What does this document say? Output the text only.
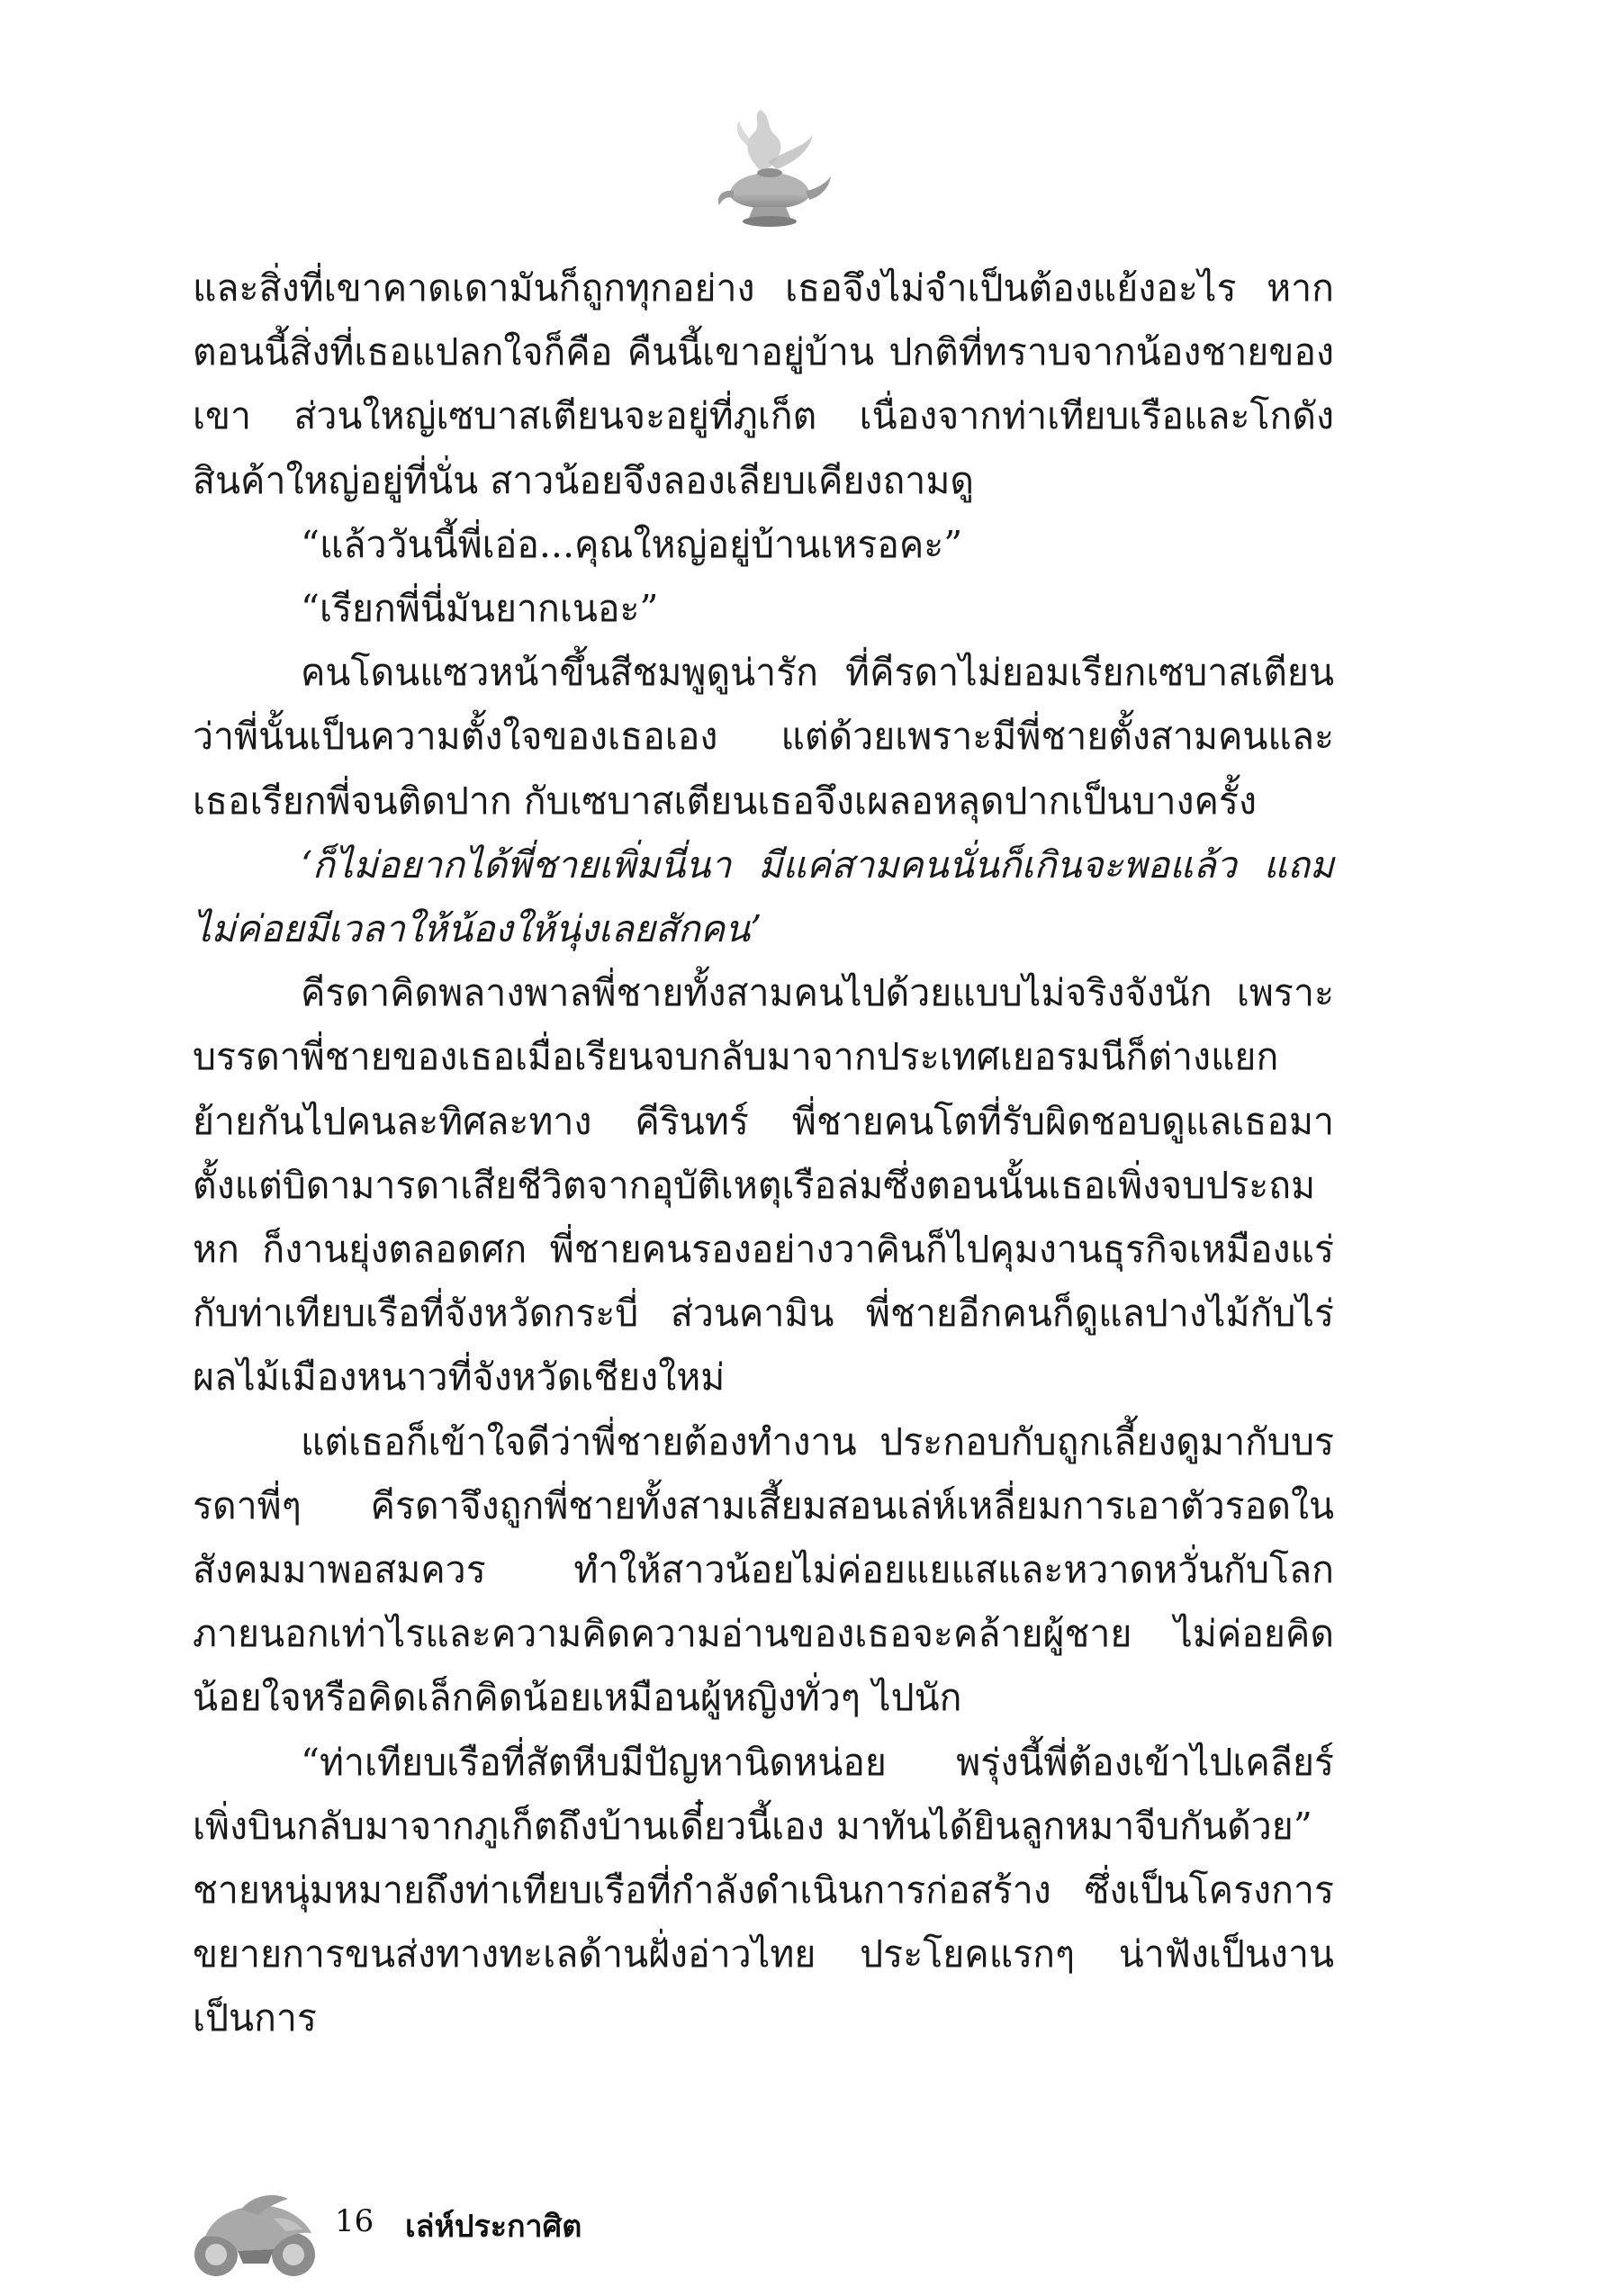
และสิ่งที่เขาคาดเดามันก็ถูกทุกอย่าง เธอจึงไม่จำเป็นต้องแย้งอะไร หากตอนนี้สิ่งที่เธอแปลกใจก็คือ คืนนี้เขาอยู่บ้าน ปกติที่ทราบจากน้องชายของเขา ส่วนใหญ่เซบาสเตียนจะอยู่ที่ภูเก็ต เนื่องจากท่าเทียบเรือและโกดังสินค้าใหญ่อยู่ที่นั่น สาวน้อยจึงลองเลียบเคียงถามดู

“แล้ววันนี้พี่เอ่อ...คุณใหญ่อยู่บ้านเหรอคะ”

“เรียกพี่นี่มันยากเนอะ”

คนโดนแซวหน้าขึ้นสีชมพูดูน่ารัก ที่คีรดาไม่ยอมเรียกเซบาสเตียนว่าพี่นั้นเป็นความตั้งใจของเธอเอง แต่ด้วยเพราะมีพี่ชายตั้งสามคนและเธอเรียกพี่จนติดปาก กับเซบาสเตียนเธอจึงเผลอหลุดปากเป็นบางครั้ง

‘ก็ไม่อยากได้พี่ชายเพิ่มนี่นา มีแค่สามคนนั่นก็เกินจะพอแล้ว แถมไม่ค่อยมีเวลาให้น้องให้นุ่งเลยสักคน’

คีรดาคิดพลางพาลพี่ชายทั้งสามคนไปด้วยแบบไม่จริงจังนัก เพราะบรรดาพี่ชายของเธอเมื่อเรียนจบกลับมาจากประเทศเยอรมนีก็ต่างแยกย้ายกันไปคนละทิศละทาง คีรินทร์ พี่ชายคนโตที่รับผิดชอบดูแลเธอมาตั้งแต่บิดามารดาเสียชีวิตจากอุบัติเหตุเรือล่มซึ่งตอนนั้นเธอเพิ่งจบประถมหก ก็งานยุ่งตลอดศก พี่ชายคนรองอย่างวาคินก็ไปคุมงานธุรกิจเหมืองแร่กับท่าเทียบเรือที่จังหวัดกระบี่ ส่วนคามิน พี่ชายอีกคนก็ดูแลปางไม้กับไร่ผลไม้เมืองหนาวที่จังหวัดเชียงใหม่

แต่เธอก็เข้าใจดีว่าพี่ชายต้องทำงาน ประกอบกับถูกเลี้ยงดูมากับบรรดาพี่ๆ คีรดาจึงถูกพี่ชายทั้งสามเสี้ยมสอนเล่ห์เหลี่ยมการเอาตัวรอดในสังคมมาพอสมควร ทำให้สาวน้อยไม่ค่อยแยแสและหวาดหวั่นกับโลกภายนอกเท่าไรและความคิดความอ่านของเธอจะคล้ายผู้ชาย ไม่ค่อยคิดน้อยใจหรือคิดเล็กคิดน้อยเหมือนผู้หญิงทั่วๆ ไปนัก

“ท่าเทียบเรือที่สัตหีบมีปัญหานิดหน่อย พรุ่งนี้พี่ต้องเข้าไปเคลียร์ เพิ่งบินกลับมาจากภูเก็ตถึงบ้านเดี๋ยวนี้เอง มาทันได้ยินลูกหมาจีบกันด้วย”

ชายหนุ่มหมายถึงท่าเทียบเรือที่กำลังดำเนินการก่อสร้าง ซึ่งเป็นโครงการขยายการขนส่งทางทะเลด้านฝั่งอ่าวไทย ประโยคแรกๆ น่าฟังเป็นงานเป็นการ

16 เล่ห์ประกาศิต
